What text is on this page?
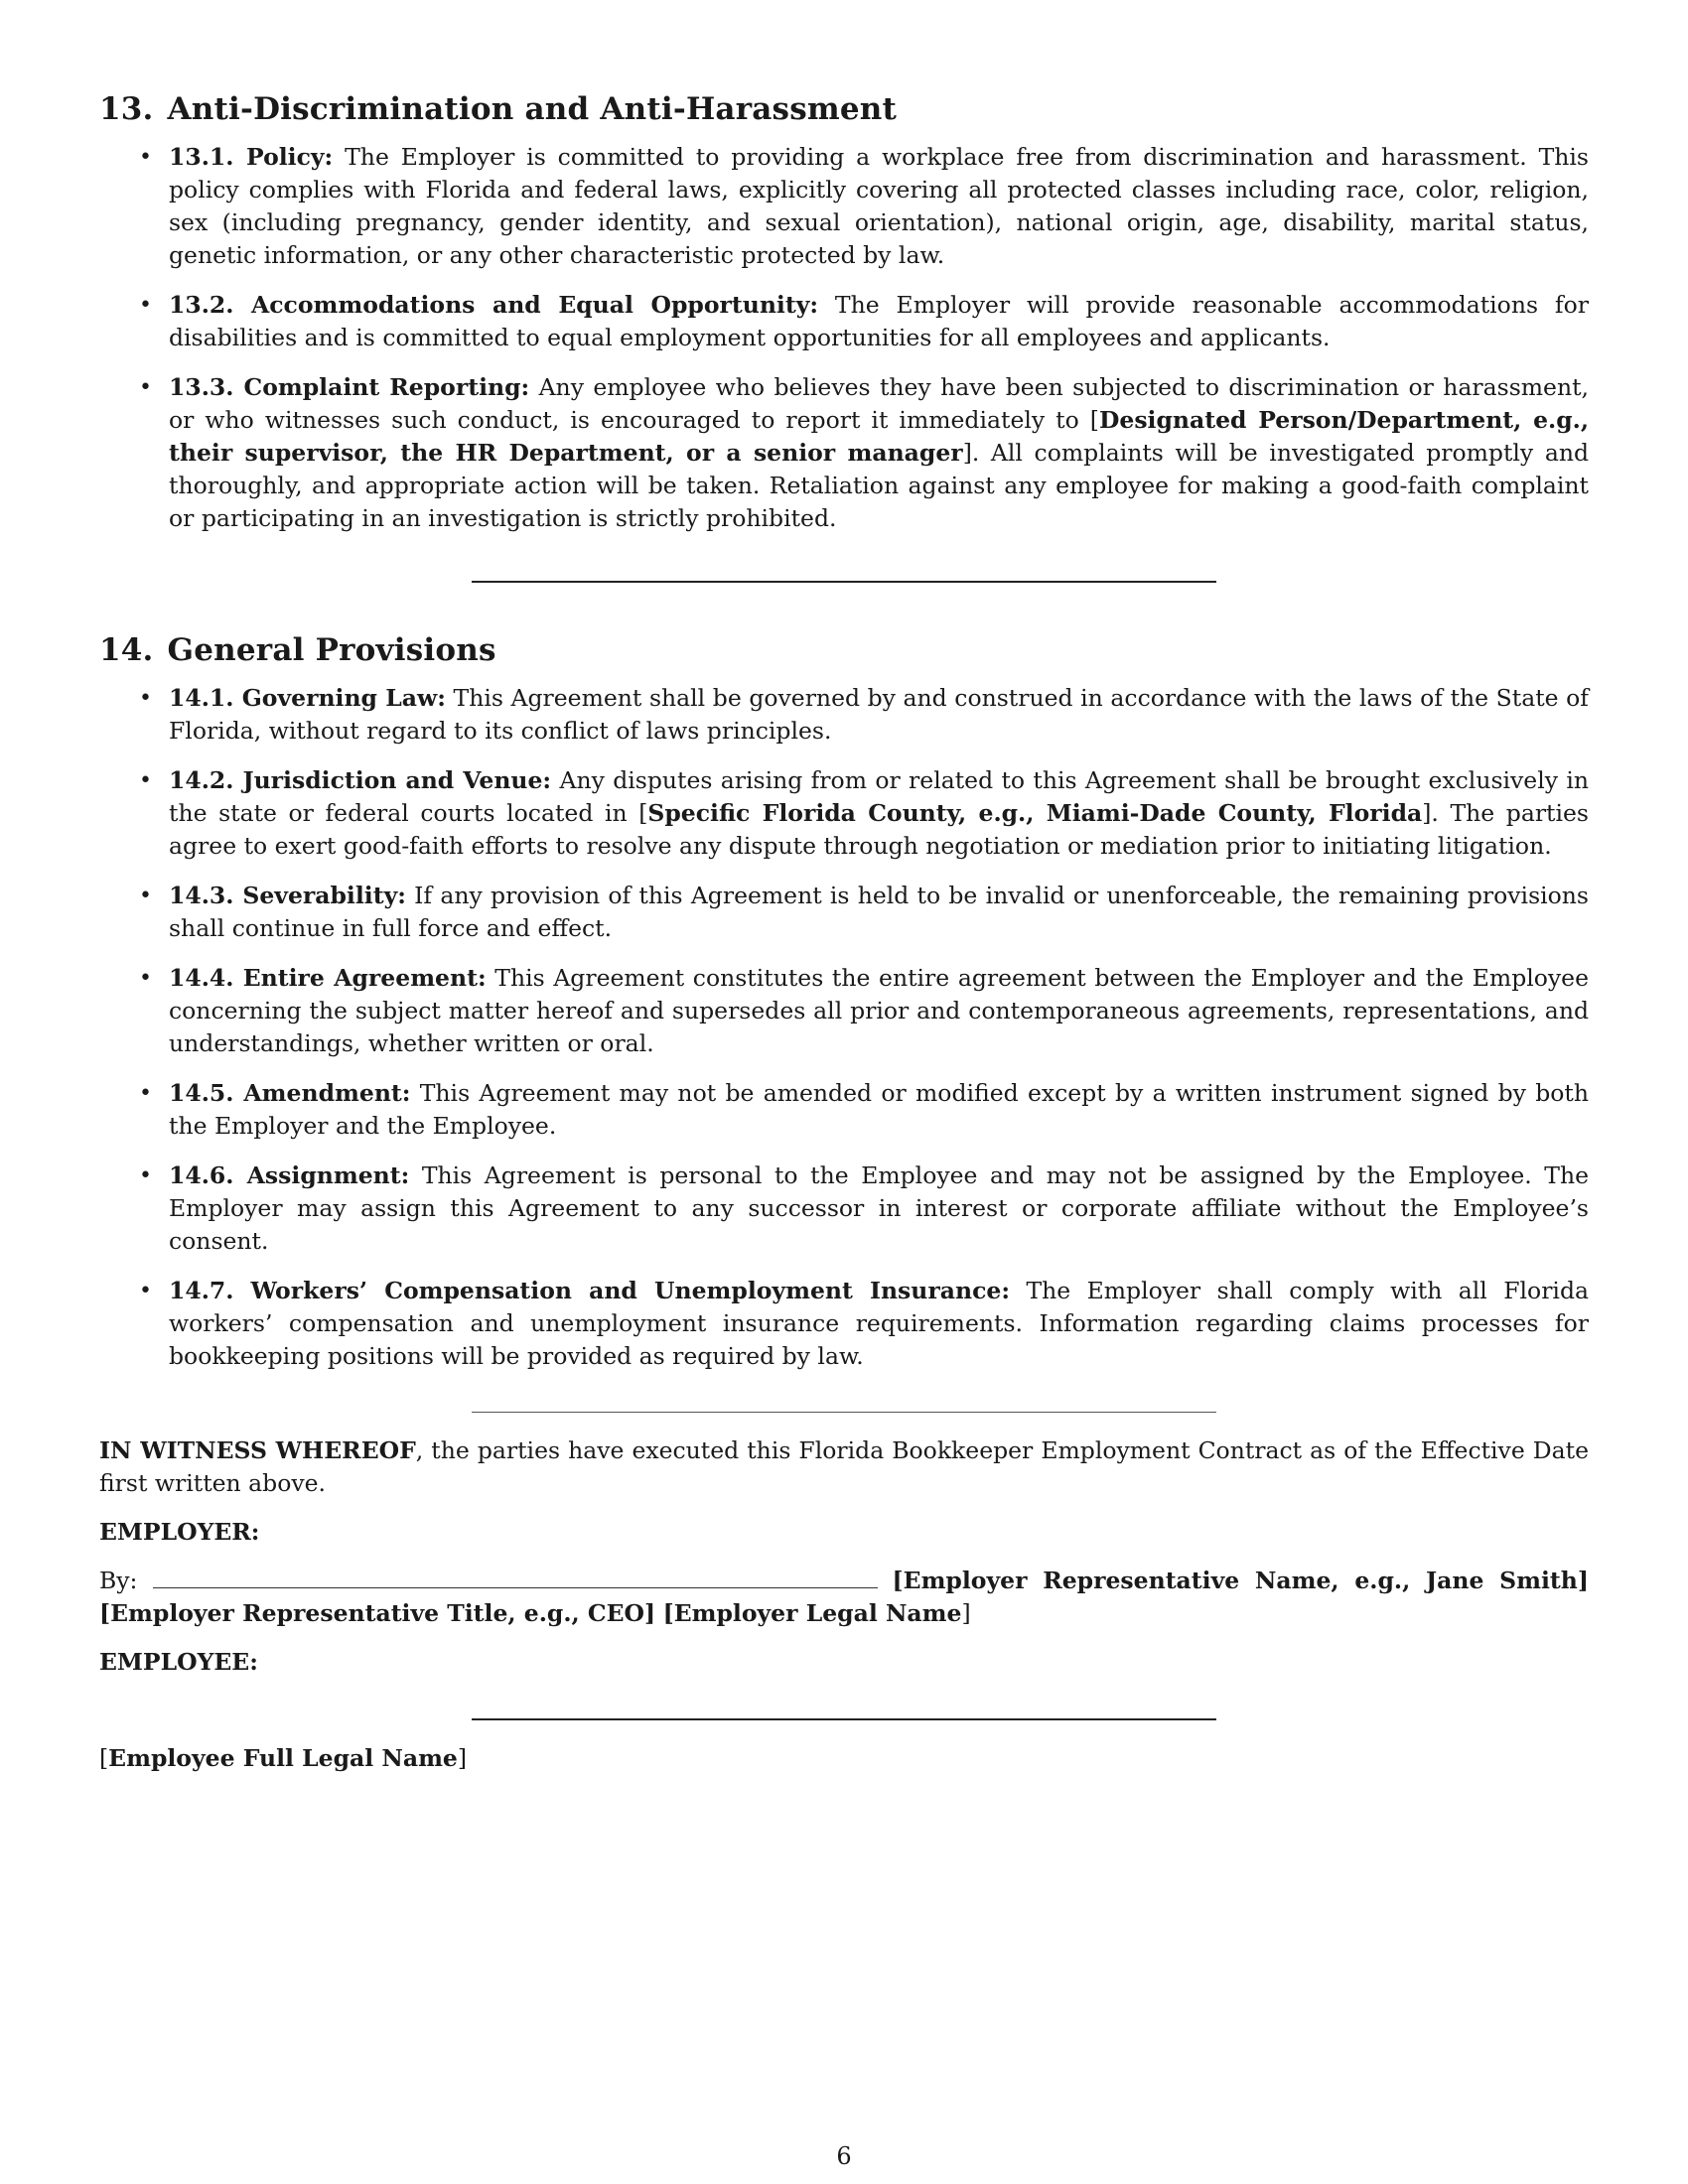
13. Anti-Discrimination and Anti-Harassment
• 13.1. Policy: The Employer is committed to providing a workplace free from discrimination and harassment. This policy complies with Florida and federal laws, explicitly covering all protected classes including race, color, religion, sex (including pregnancy, gender identity, and sexual orientation), national origin, age, disability, marital status, genetic information, or any other characteristic protected by law.
• 13.2. Accommodations and Equal Opportunity: The Employer will provide reasonable accommodations for disabilities and is committed to equal employment opportunities for all employees and applicants.
• 13.3. Complaint Reporting: Any employee who believes they have been subjected to discrimination or harassment, or who witnesses such conduct, is encouraged to report it immediately to [Designated Person/Department, e.g., their supervisor, the HR Department, or a senior manager]. All complaints will be investigated promptly and thoroughly, and appropriate action will be taken. Retaliation against any employee for making a good-faith complaint or participating in an investigation is strictly prohibited.
14. General Provisions
• 14.1. Governing Law: This Agreement shall be governed by and construed in accordance with the laws of the State of Florida, without regard to its conflict of laws principles.
• 14.2. Jurisdiction and Venue: Any disputes arising from or related to this Agreement shall be brought exclusively in the state or federal courts located in [Specific Florida County, e.g., Miami-Dade County, Florida]. The parties agree to exert good-faith efforts to resolve any dispute through negotiation or mediation prior to initiating litigation.
• 14.3. Severability: If any provision of this Agreement is held to be invalid or unenforceable, the remaining provisions shall continue in full force and effect.
• 14.4. Entire Agreement: This Agreement constitutes the entire agreement between the Employer and the Employee concerning the subject matter hereof and supersedes all prior and contemporaneous agreements, representations, and understandings, whether written or oral.
• 14.5. Amendment: This Agreement may not be amended or modified except by a written instrument signed by both the Employer and the Employee.
• 14.6. Assignment: This Agreement is personal to the Employee and may not be assigned by the Employee. The Employer may assign this Agreement to any successor in interest or corporate affiliate without the Employee’s consent.
• 14.7. Workers’ Compensation and Unemployment Insurance: The Employer shall comply with all Florida workers’ compensation and unemployment insurance requirements. Information regarding claims processes for bookkeeping positions will be provided as required by law.

IN WITNESS WHEREOF, the parties have executed this Florida Bookkeeper Employment Contract as of the Effective Date first written above.

EMPLOYER:

By:	[Employer Representative Name, e.g., Jane Smith] [Employer Representative Title, e.g., CEO] [Employer Legal Name]

EMPLOYEE:

[Employee Full Legal Name]

6
